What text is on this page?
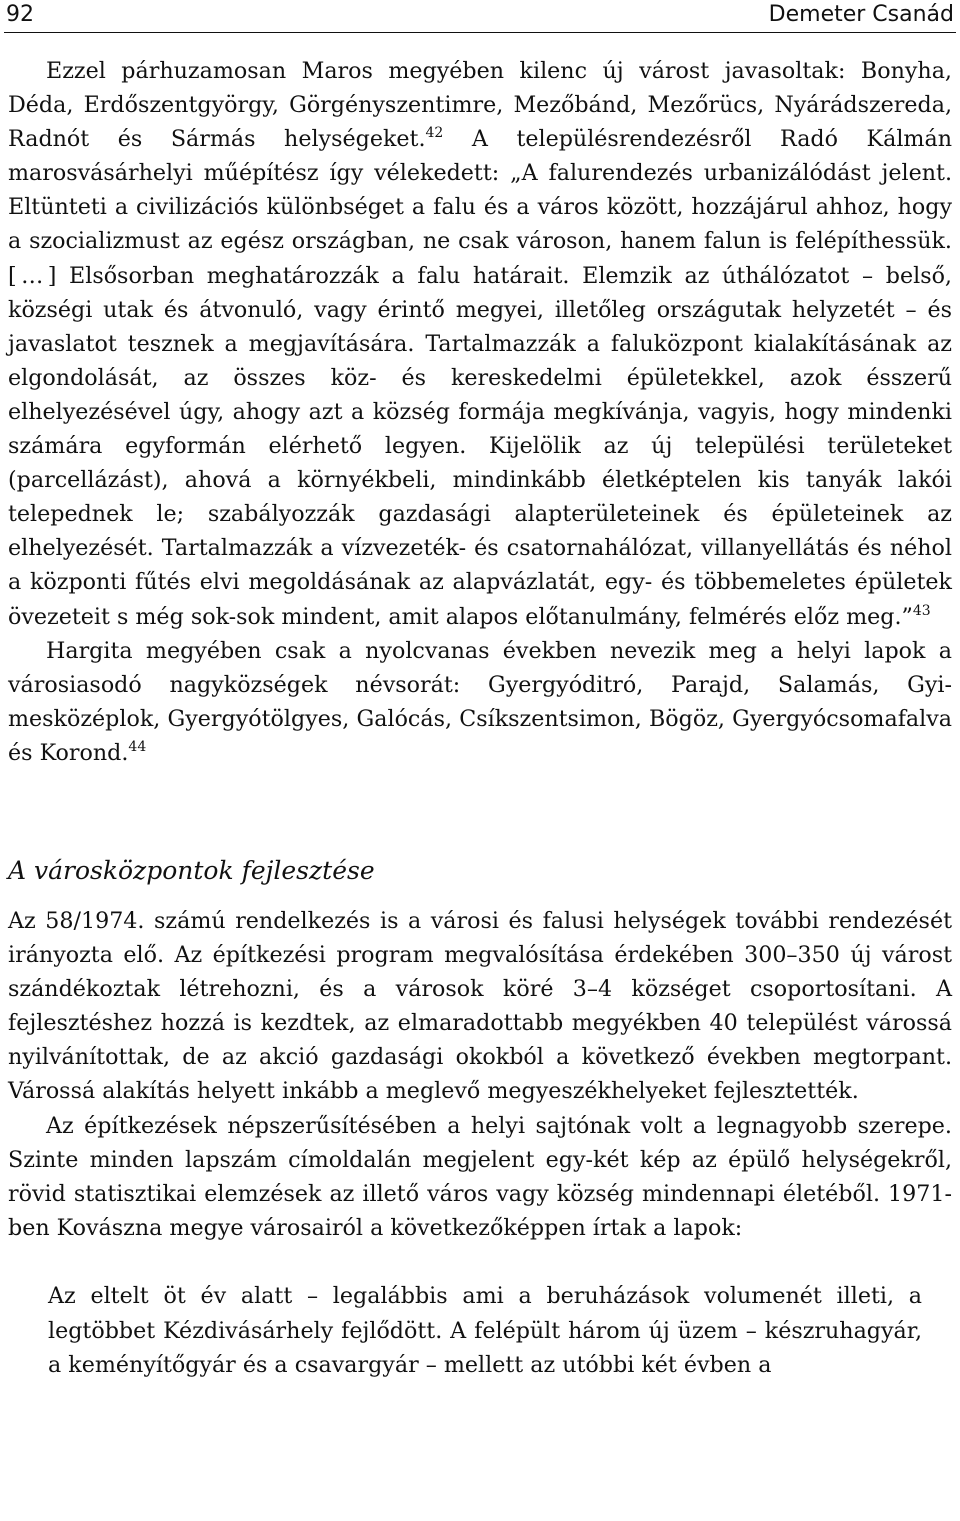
92	Demeter Csanád

Ezzel párhuzamosan Maros megyében kilenc új várost javasoltak: Bonyha, Déda, Erdőszentgyörgy, Görgényszentimre, Mezőbánd, Mezőrücs, Nyárádszereda, Radnót és Sármás helységeket.$^{42}$ A településrendezésről Radó Kálmán marosvásárhelyi műépítész így vélekedett: „A falurendezés urbanizálódást jelent. Eltünteti a civilizációs különbséget a falu és a város között, hozzájárul ahhoz, hogy a szocializmust az egész országban, ne csak városon, hanem falun is felépíthessük. [ … ] Elsősorban meghatározzák a falu határait. Elemzik az úthálózatot – belső, községi utak és átvonuló, vagy érintő megyei, illetőleg országutak helyzetét – és javaslatot tesznek a megjavítására. Tartalmazzák a faluközpont kialakításának az elgondolását, az összes köz- és kereskedelmi épületekkel, azok ésszerű elhelyezésével úgy, ahogy azt a község formája megkívánja, vagyis, hogy mindenki számára egyformán elérhető legyen. Kijelölik az új települési területeket (parcellázást), ahová a környékbeli, mindinkább életképtelen kis tanyák lakói telepednek le; szabályozzák gazdasági alapterületeinek és épületeinek az elhelyezését. Tartalmazzák a vízvezeték- és csatornahálózat, villanyellátás és néhol a központi fűtés elvi megoldásának az alapvázlatát, egy- és többemeletes épületek övezeteit s még sok-sok mindent, amit alapos előtanulmány, felmérés előz meg.”$^{43}$

Hargita megyében csak a nyolcvanas években nevezik meg a helyi lapok a városiasodó nagyközségek névsorát: Gyergyóditró, Parajd, Salamás, Gyimesközéplok, Gyergyótölgyes, Galócás, Csíkszentsimon, Bögöz, Gyergyócsomafalva és Korond.$^{44}$

A városközpontok fejlesztése

Az 58/1974. számú rendelkezés is a városi és falusi helységek további rendezését irányozta elő. Az építkezési program megvalósítása érdekében 300–350 új várost szándékoztak létrehozni, és a városok köré 3–4 községet csoportosítani. A fejlesztéshez hozzá is kezdtek, az elmaradottabb megyékben 40 települést várossá nyilvánítottak, de az akció gazdasági okokból a következő években megtorpant. Várossá alakítás helyett inkább a meglevő megyeszékhelyeket fejlesztették.

Az építkezések népszerűsítésében a helyi sajtónak volt a legnagyobb szerepe. Szinte minden lapszám címoldalán megjelent egy-két kép az épülő helységekről, rövid statisztikai elemzések az illető város vagy község mindennapi életéből. 1971-ben Kovászna megye városairól a következőképpen írtak a lapok:

Az eltelt öt év alatt – legalábbis ami a beruházások volumenét illeti, a legtöbbet Kézdivásárhely fejlődött. A felépült három új üzem – készruhagyár, a keményítőgyár és a csavargyár – mellett az utóbbi két évben a
